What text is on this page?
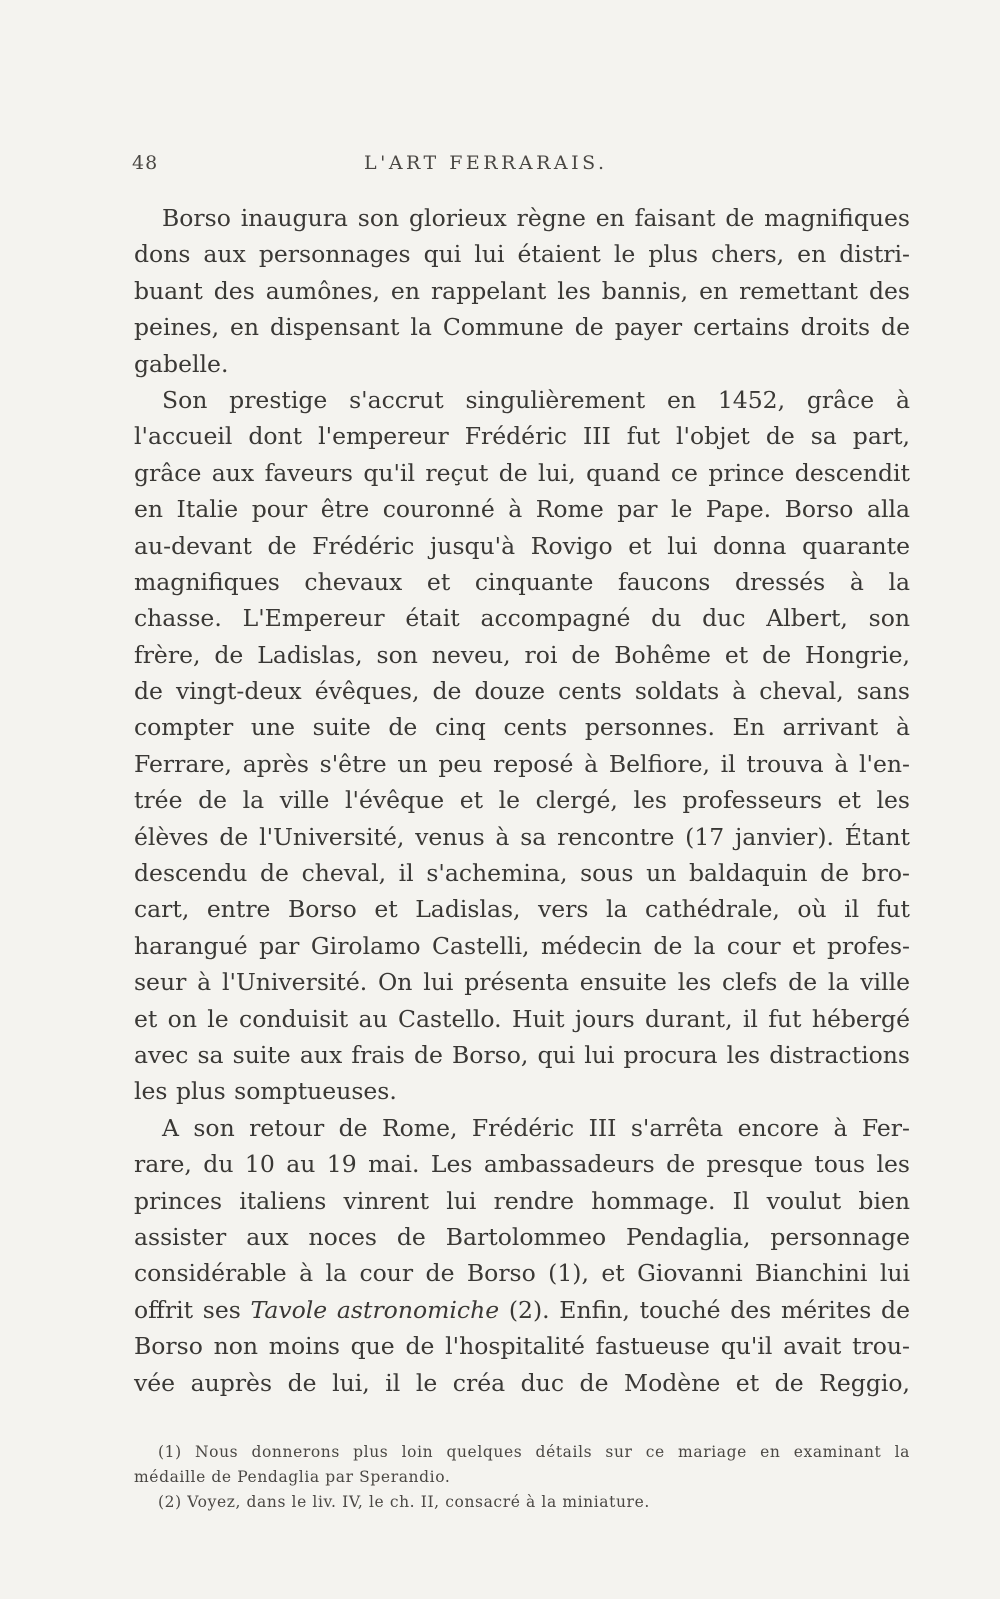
48	L'ART FERRARAIS.
Borso inaugura son glorieux règne en faisant de magnifiques
dons aux personnages qui lui étaient le plus chers, en distri-
buant des aumônes, en rappelant les bannis, en remettant des
peines, en dispensant la Commune de payer certains droits de
gabelle.
Son prestige s'accrut singulièrement en 1452, grâce à
l'accueil dont l'empereur Frédéric III fut l'objet de sa part,
grâce aux faveurs qu'il reçut de lui, quand ce prince descendit
en Italie pour être couronné à Rome par le Pape. Borso alla
au-devant de Frédéric jusqu'à Rovigo et lui donna quarante
magnifiques chevaux et cinquante faucons dressés à la
chasse. L'Empereur était accompagné du duc Albert, son
frère, de Ladislas, son neveu, roi de Bohême et de Hongrie,
de vingt-deux évêques, de douze cents soldats à cheval, sans
compter une suite de cinq cents personnes. En arrivant à
Ferrare, après s'être un peu reposé à Belfiore, il trouva à l'en-
trée de la ville l'évêque et le clergé, les professeurs et les
élèves de l'Université, venus à sa rencontre (17 janvier). Étant
descendu de cheval, il s'achemina, sous un baldaquin de bro-
cart, entre Borso et Ladislas, vers la cathédrale, où il fut
harangué par Girolamo Castelli, médecin de la cour et profes-
seur à l'Université. On lui présenta ensuite les clefs de la ville
et on le conduisit au Castello. Huit jours durant, il fut hébergé
avec sa suite aux frais de Borso, qui lui procura les distractions
les plus somptueuses.
A son retour de Rome, Frédéric III s'arrêta encore à Fer-
rare, du 10 au 19 mai. Les ambassadeurs de presque tous les
princes italiens vinrent lui rendre hommage. Il voulut bien
assister aux noces de Bartolommeo Pendaglia, personnage
considérable à la cour de Borso (1), et Giovanni Bianchini lui
offrit ses Tavole astronomiche (2). Enfin, touché des mérites de
Borso non moins que de l'hospitalité fastueuse qu'il avait trou-
vée auprès de lui, il le créa duc de Modène et de Reggio,
(1) Nous donnerons plus loin quelques détails sur ce mariage en examinant la
médaille de Pendaglia par Sperandio.
(2) Voyez, dans le liv. IV, le ch. II, consacré à la miniature.
